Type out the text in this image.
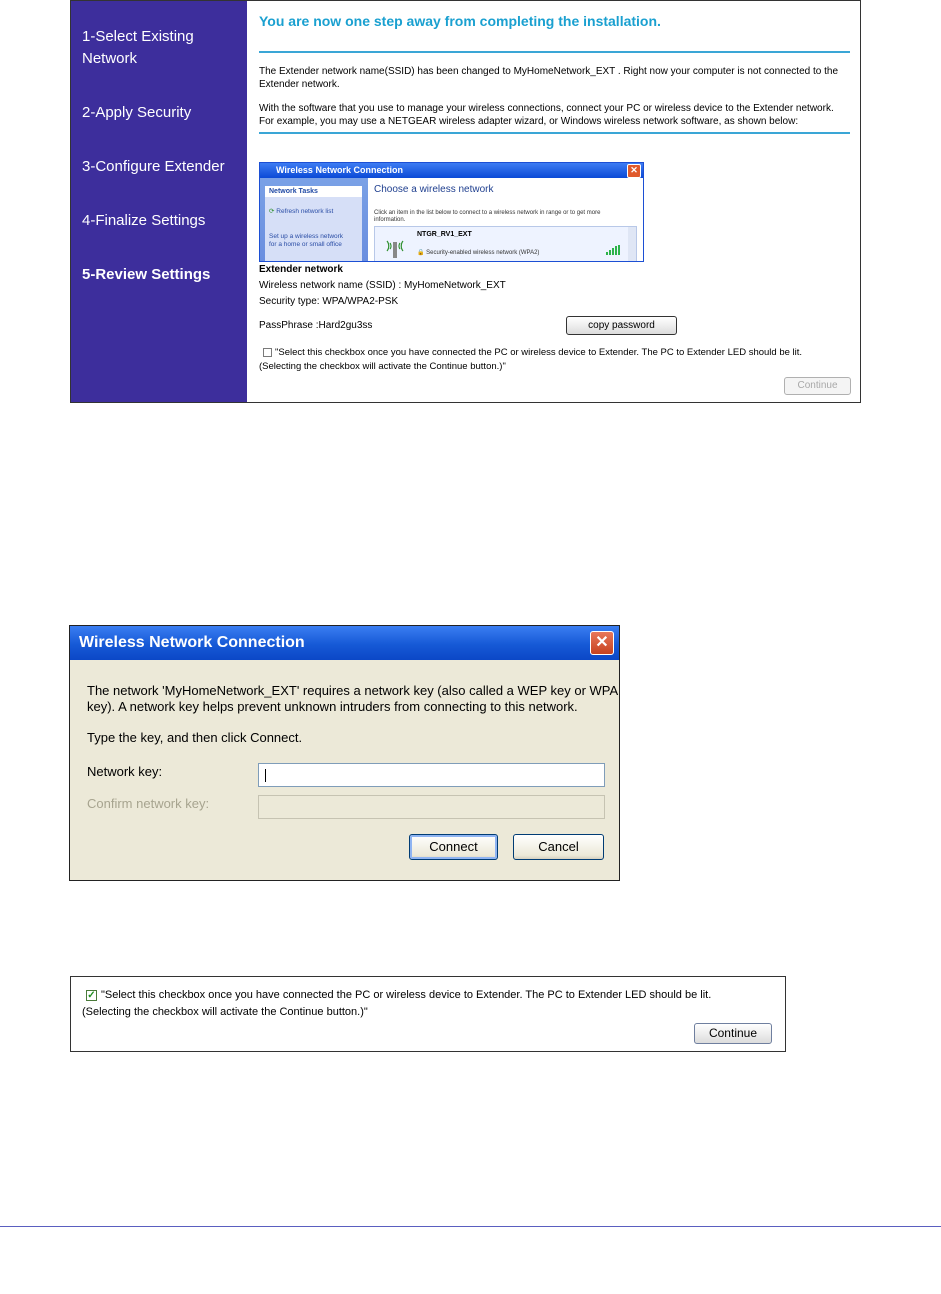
1-Select Existing
Network
2-Apply Security
3-Configure Extender
4-Finalize Settings
5-Review Settings
You are now one step away from completing the installation.
The Extender network name(SSID) has been changed to MyHomeNetwork_EXT . Right now your computer is not connected to the Extender network.
With the software that you use to manage your wireless connections, connect your PC or wireless device to the Extender network.
For example, you may use a NETGEAR wireless adapter wizard, or Windows wireless network software, as shown below:
Wireless Network Connection	✕
Network Tasks
⟳ Refresh network list
Set up a wireless network
for a home or small office
Choose a wireless network
Click an item in the list below to connect to a wireless network in range or to get more information.
NTGR_RV1_EXT
🔒 Security-enabled wireless network (WPA2)
Extender network
Wireless network name (SSID) : MyHomeNetwork_EXT
Security type: WPA/WPA2-PSK
PassPhrase :Hard2gu3ss	copy password
"Select this checkbox once you have connected the PC or wireless device to Extender. The PC to Extender LED should be lit.
(Selecting the checkbox will activate the Continue button.)"
Continue
Wireless Network Connection	✕
The network 'MyHomeNetwork_EXT' requires a network key (also called a WEP key or WPA
key). A network key helps prevent unknown intruders from connecting to this network.
Type the key, and then click Connect.
Network key:
Confirm network key:
Connect	Cancel
✓ "Select this checkbox once you have connected the PC or wireless device to Extender. The PC to Extender LED should be lit.
(Selecting the checkbox will activate the Continue button.)"
Continue
